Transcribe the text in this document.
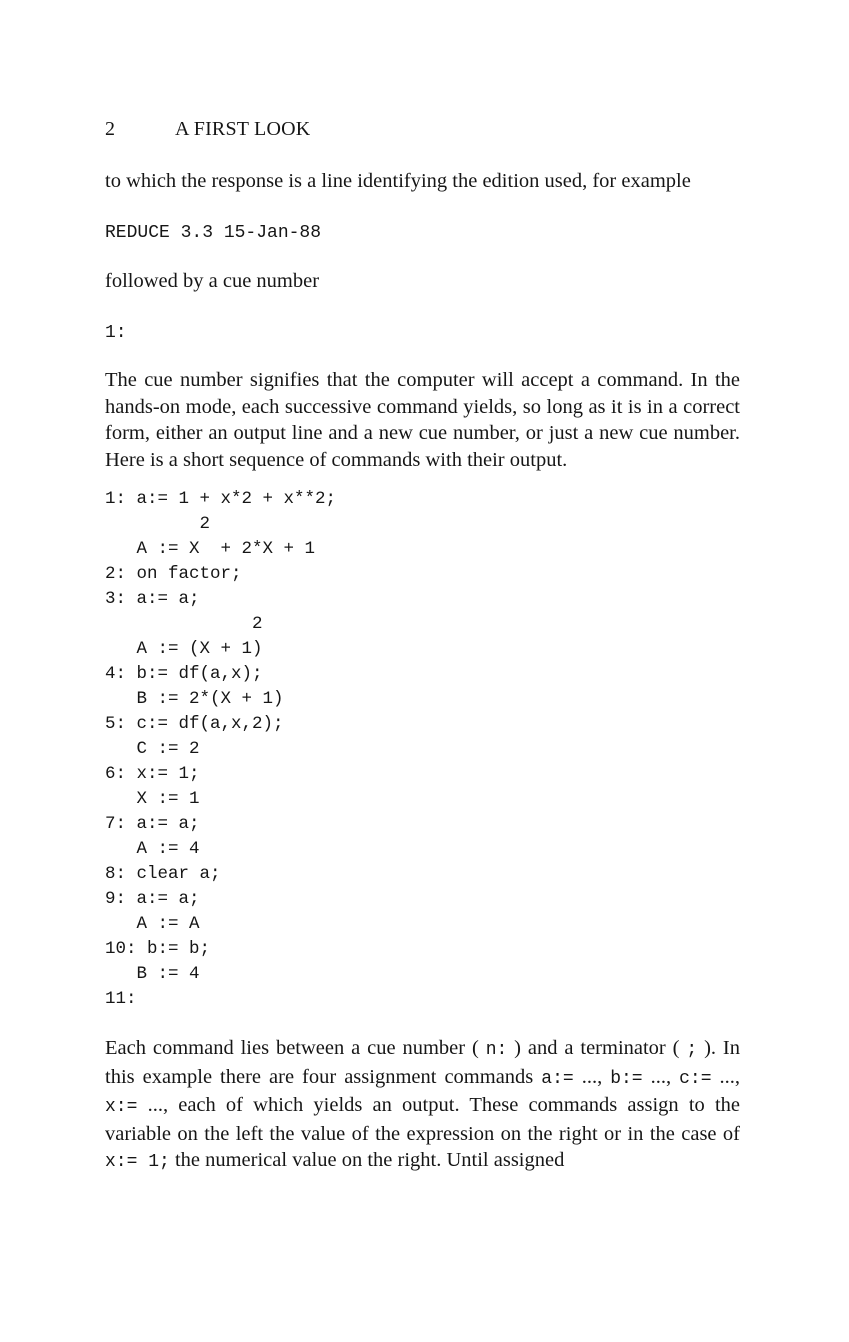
2	A FIRST LOOK
to which the response is a line identifying the edition used, for example
REDUCE 3.3 15-Jan-88
followed by a cue number
1:
The cue number signifies that the computer will accept a command. In the hands-on mode, each successive command yields, so long as it is in a correct form, either an output line and a new cue number, or just a new cue number. Here is a short sequence of commands with their output.
1: a:= 1 + x*2 + x**2;
2
A := X  + 2*X + 1
2: on factor;
3: a:= a;
2
A := (X + 1)
4: b:= df(a,x);
B := 2*(X + 1)
5: c:= df(a,x,2);
C := 2
6: x:= 1;
X := 1
7: a:= a;
A := 4
8: clear a;
9: a:= a;
A := A
10: b:= b;
B := 4
11:
Each command lies between a cue number ( n: ) and a terminator ( ; ). In this example there are four assignment commands a:= ..., b:= ..., c:= ..., x:= ..., each of which yields an output. These commands assign to the variable on the left the value of the expression on the right or in the case of x:= 1; the numerical value on the right. Until assigned
